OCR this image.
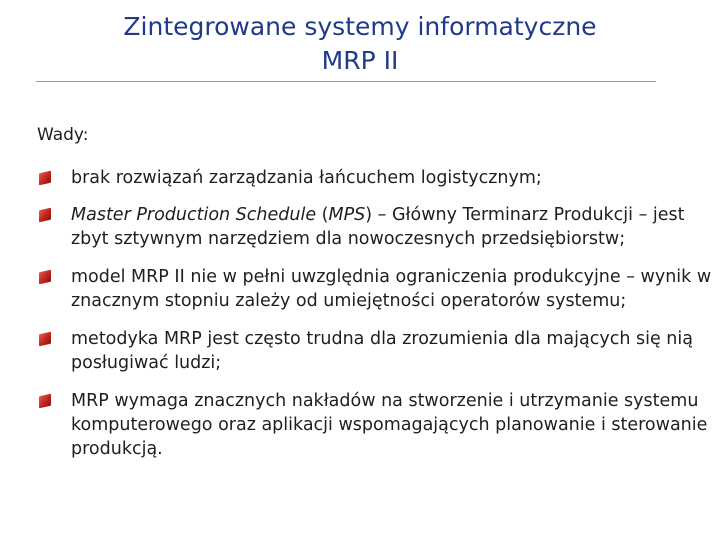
Zintegrowane systemy informatyczne
MRP II
Wady:
brak rozwiązań zarządzania łańcuchem logistycznym;
Master Production Schedule (MPS) – Główny Terminarz Produkcji – jest zbyt sztywnym narzędziem dla nowoczesnych przedsiębiorstw;
model MRP II nie w pełni uwzględnia ograniczenia produkcyjne – wynik w znacznym stopniu zależy od umiejętności operatorów systemu;
metodyka MRP jest często trudna dla zrozumienia dla mających się nią posługiwać ludzi;
MRP wymaga znacznych nakładów na stworzenie i utrzymanie systemu komputerowego oraz aplikacji wspomagających planowanie i sterowanie produkcją.
